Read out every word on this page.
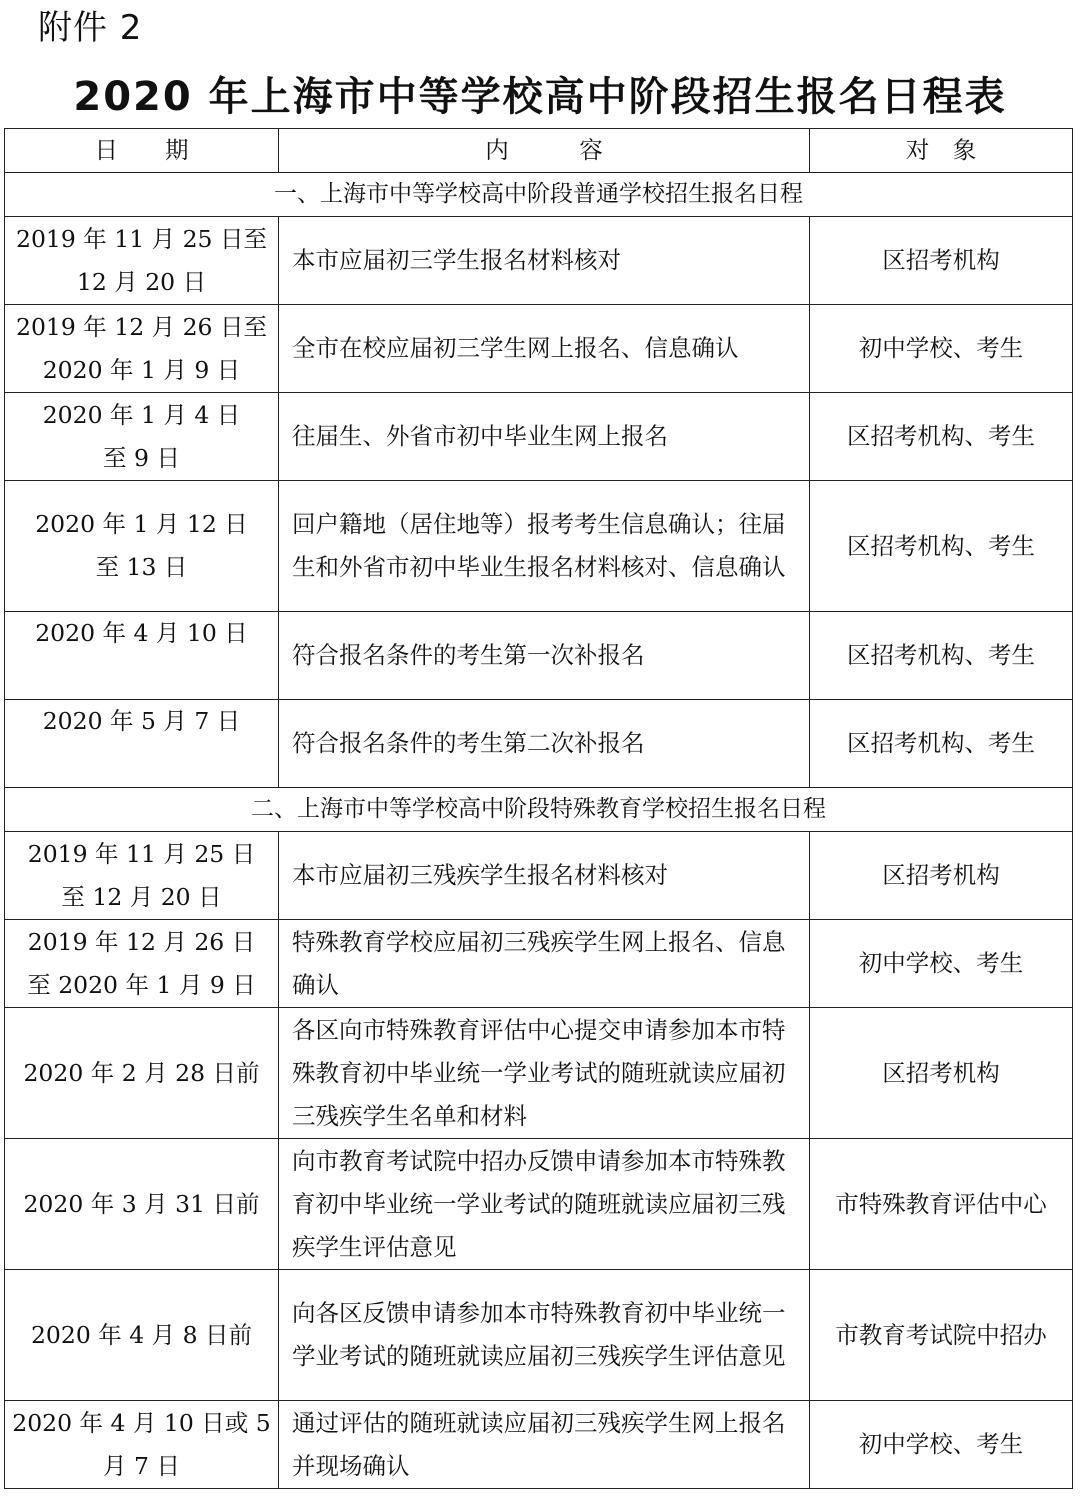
附件 2
2020 年上海市中等学校高中阶段招生报名日程表
日　　期	内　　　容	对　象
一、上海市中等学校高中阶段普通学校招生报名日程		

2019 年 11 月 25 日至
12 月 20 日	本市应届初三学生报名材料核对	区招考机构

2019 年 12 月 26 日至
2020 年 1 月 9 日	全市在校应届初三学生网上报名、信息确认	初中学校、考生

2020 年 1 月 4 日
至 9 日	往届生、外省市初中毕业生网上报名	区招考机构、考生

2020 年 1 月 12 日
至 13 日	回户籍地（居住地等）报考考生信息确认；往届生和外省市初中毕业生报名材料核对、信息确认	区招考机构、考生

2020 年 4 月 10 日	符合报名条件的考生第一次补报名	区招考机构、考生

2020 年 5 月 7 日	符合报名条件的考生第二次补报名	区招考机构、考生
二、上海市中等学校高中阶段特殊教育学校招生报名日程		

2019 年 11 月 25 日
至 12 月 20 日	本市应届初三残疾学生报名材料核对	区招考机构

2019 年 12 月 26 日
至 2020 年 1 月 9 日	特殊教育学校应届初三残疾学生网上报名、信息确认	初中学校、考生

2020 年 2 月 28 日前	各区向市特殊教育评估中心提交申请参加本市特殊教育初中毕业统一学业考试的随班就读应届初三残疾学生名单和材料	区招考机构

2020 年 3 月 31 日前	向市教育考试院中招办反馈申请参加本市特殊教育初中毕业统一学业考试的随班就读应届初三残疾学生评估意见	市特殊教育评估中心

2020 年 4 月 8 日前	向各区反馈申请参加本市特殊教育初中毕业统一学业考试的随班就读应届初三残疾学生评估意见	市教育考试院中招办

2020 年 4 月 10 日或 5
月 7 日	通过评估的随班就读应届初三残疾学生网上报名并现场确认	初中学校、考生
